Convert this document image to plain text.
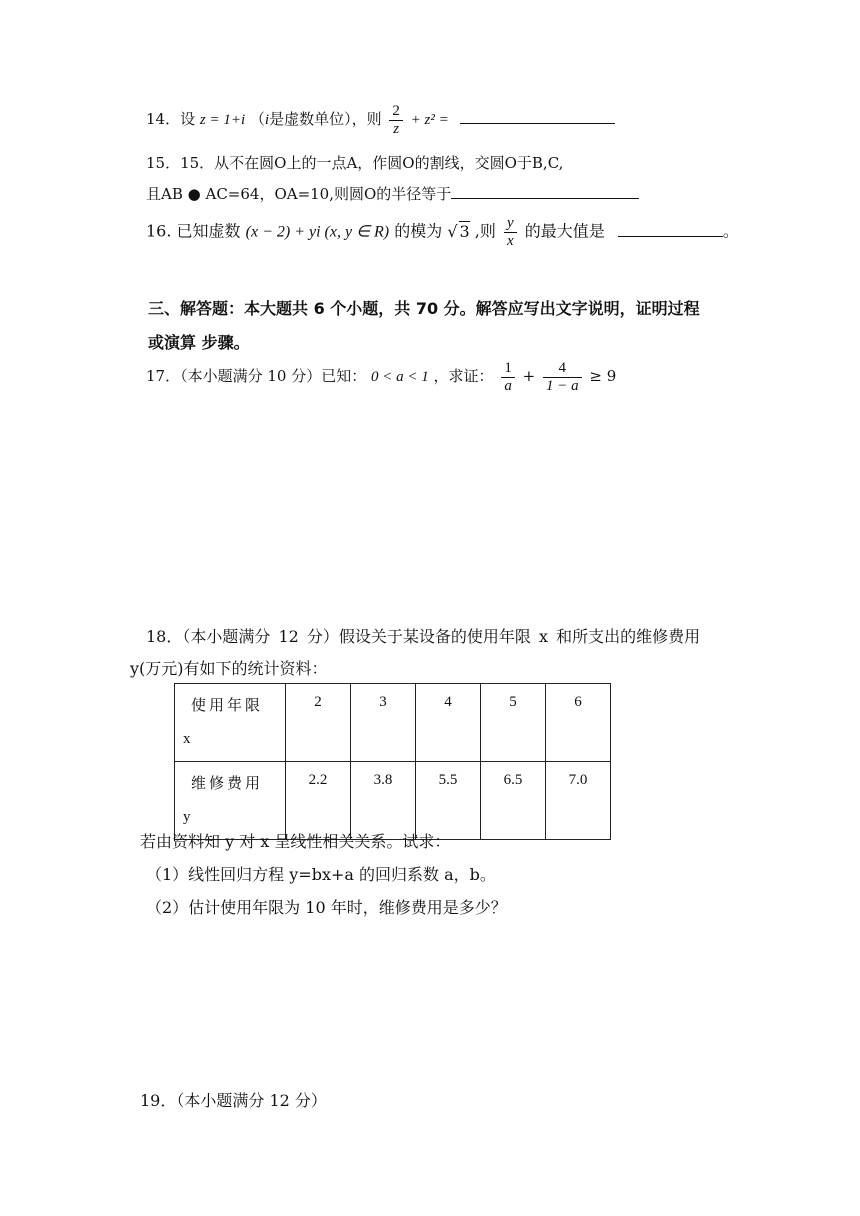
14．设 z = 1+i （i是虚数单位），则 $\frac{2}{z} + z^2$ =
15．15．从不在圆O上的一点A，作圆O的割线，交圆O于B,C,
且AB ● AC=64，OA=10,则圆O的半径等于
16. 已知虚数 (x − 2) + yi (x, y ∈ R) 的模为 √ 3 ,则 $\frac{y}{x}$ 的最大值是	。
三、解答题：本大题共 6 个小题，共 70 分。解答应写出文字说明，证明过程
或演算 步骤。
17．（本小题满分 10 分）已知： 0 < a < 1 ，求证： $\frac{1}{a} + \frac{4}{1 - a} \ge 9$
18．（本小题满分 12 分）假设关于某设备的使用年限 x 和所支出的维修费用
y(万元)有如下的统计资料：
使用年限
x	2	3	4	5	6

维修费用
y	2.2	3.8	5.5	6.5	7.0
若由资料知 y 对 x 呈线性相关关系。试求：
（1）线性回归方程 y=bx+a 的回归系数 a，b。
（2）估计使用年限为 10 年时，维修费用是多少？
19．（本小题满分 12 分）
